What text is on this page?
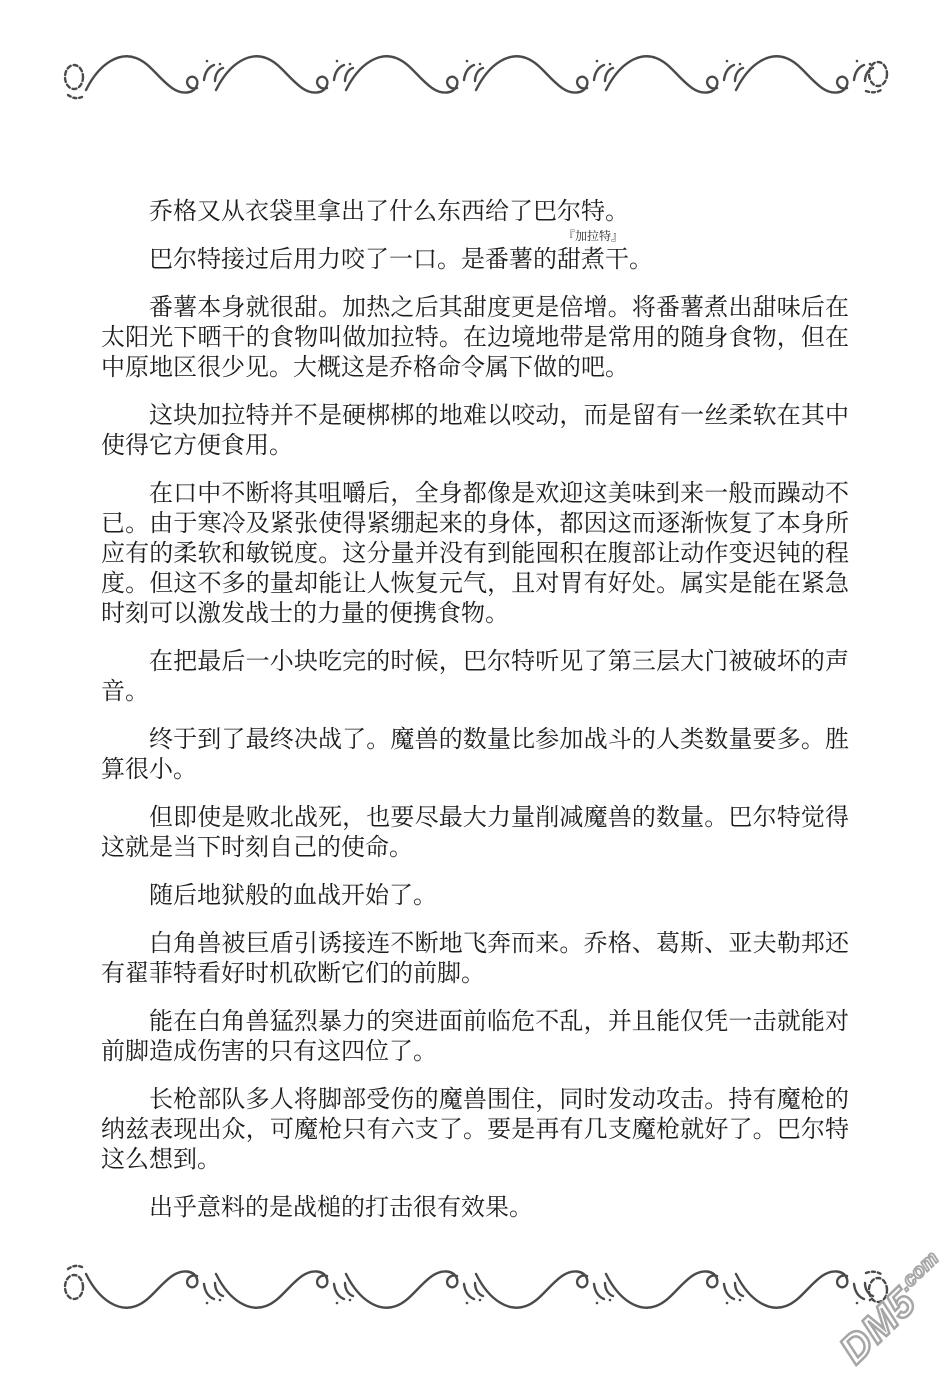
乔格又从衣袋里拿出了什么东西给了巴尔特。

巴尔特接过后用力咬了一口。是番薯的
『加拉特』
甜煮干。

番薯本身就很甜。加热之后其甜度更是倍增。将番薯煮出甜味后在太阳光下晒干的食物叫做加拉特。在边境地带是常用的随身食物，但在中原地区很少见。大概这是乔格命令属下做的吧。

这块加拉特并不是硬梆梆的地难以咬动，而是留有一丝柔软在其中使得它方便食用。

在口中不断将其咀嚼后，全身都像是欢迎这美味到来一般而躁动不已。由于寒冷及紧张使得紧绷起来的身体，都因这而逐渐恢复了本身所应有的柔软和敏锐度。这分量并没有到能囤积在腹部让动作变迟钝的程度。但这不多的量却能让人恢复元气，且对胃有好处。属实是能在紧急时刻可以激发战士的力量的便携食物。

在把最后一小块吃完的时候，巴尔特听见了第三层大门被破坏的声音。

终于到了最终决战了。魔兽的数量比参加战斗的人类数量要多。胜算很小。

但即使是败北战死，也要尽最大力量削减魔兽的数量。巴尔特觉得这就是当下时刻自己的使命。

随后地狱般的血战开始了。

白角兽被巨盾引诱接连不断地飞奔而来。乔格、葛斯、亚夫勒邦还有翟菲特看好时机砍断它们的前脚。

能在白角兽猛烈暴力的突进面前临危不乱，并且能仅凭一击就能对前脚造成伤害的只有这四位了。

长枪部队多人将脚部受伤的魔兽围住，同时发动攻击。持有魔枪的纳兹表现出众，可魔枪只有六支了。要是再有几支魔枪就好了。巴尔特这么想到。

出乎意料的是战槌的打击很有效果。

DM5.com
